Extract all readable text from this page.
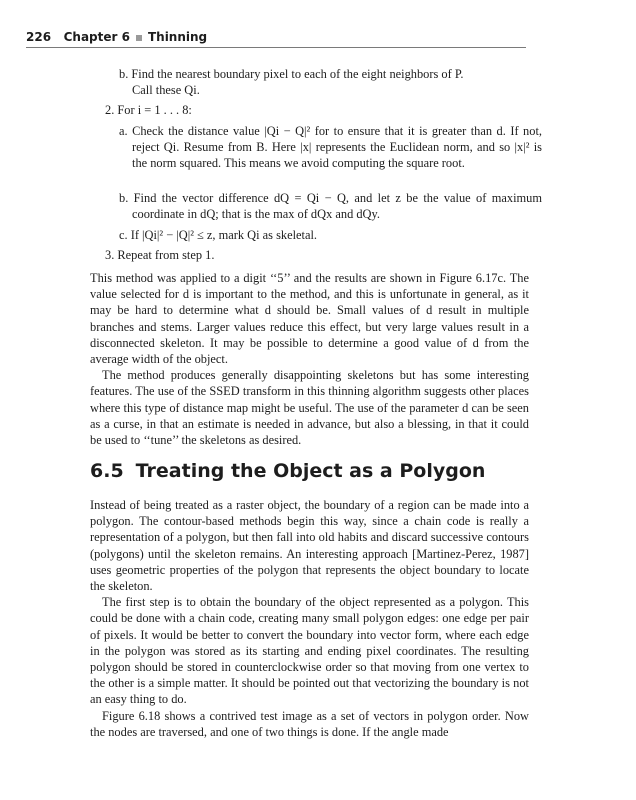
226 Chapter 6 Thinning

b. Find the nearest boundary pixel to each of the eight neighbors of P.

Call these Qi.

2. For i = 1 . . . 8:

a. Check the distance value |Qi − Q|² for to ensure that it is greater than d. If not, reject Qi. Resume from B. Here |x| represents the Euclidean norm, and so |x|² is the norm squared. This means we avoid computing the square root.

b. Find the vector difference dQ = Qi − Q, and let z be the value of maximum coordinate in dQ; that is the max of dQx and dQy.

c. If |Qi|² − |Q|² ≤ z, mark Qi as skeletal.

3. Repeat from step 1.

This method was applied to a digit ‘‘5’’ and the results are shown in Figure 6.17c. The value selected for d is important to the method, and this is unfortunate in general, as it may be hard to determine what d should be. Small values of d result in multiple branches and stems. Larger values reduce this effect, but very large values result in a disconnected skeleton. It may be possible to determine a good value of d from the average width of the object.

The method produces generally disappointing skeletons but has some interesting features. The use of the SSED transform in this thinning algorithm suggests other places where this type of distance map might be useful. The use of the parameter d can be seen as a curse, in that an estimate is needed in advance, but also a blessing, in that it could be used to ‘‘tune’’ the skeletons as desired.

6.5 Treating the Object as a Polygon

Instead of being treated as a raster object, the boundary of a region can be made into a polygon. The contour-based methods begin this way, since a chain code is really a representation of a polygon, but then fall into old habits and discard successive contours (polygons) until the skeleton remains. An interesting approach [Martinez-Perez, 1987] uses geometric properties of the polygon that represents the object boundary to locate the skeleton.

The first step is to obtain the boundary of the object represented as a polygon. This could be done with a chain code, creating many small polygon edges: one edge per pair of pixels. It would be better to convert the boundary into vector form, where each edge in the polygon was stored as its starting and ending pixel coordinates. The resulting polygon should be stored in counterclockwise order so that moving from one vertex to the other is a simple matter. It should be pointed out that vectorizing the boundary is not an easy thing to do.

Figure 6.18 shows a contrived test image as a set of vectors in polygon order. Now the nodes are traversed, and one of two things is done. If the angle made
